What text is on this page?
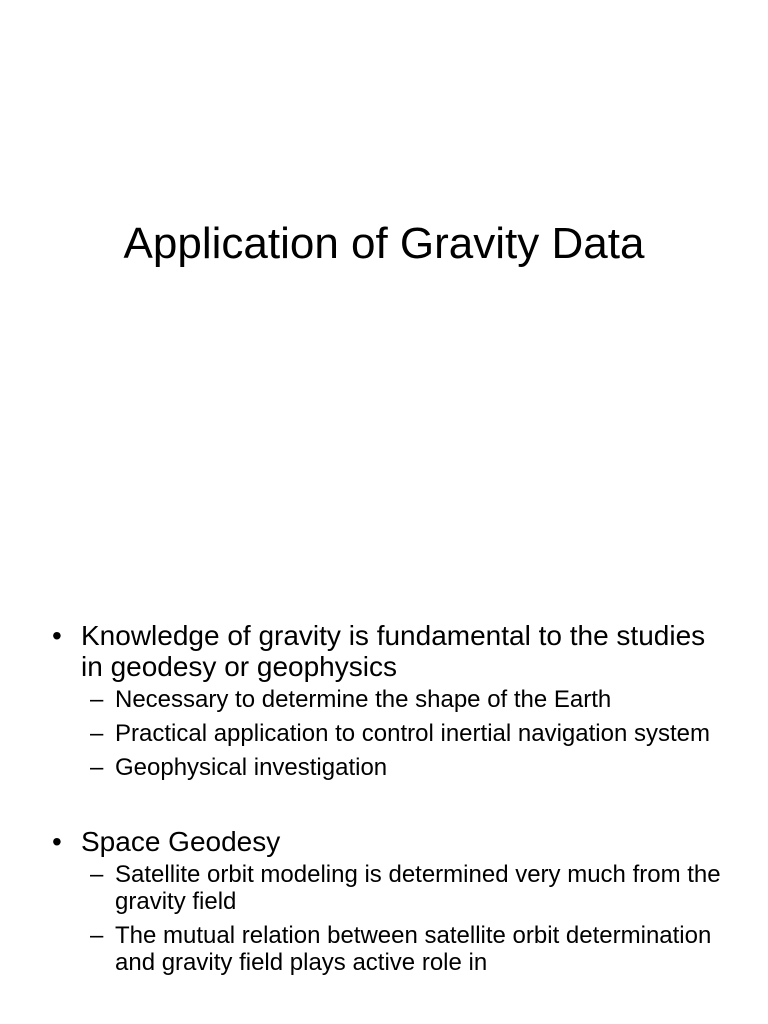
Application of Gravity Data
• Knowledge of gravity is fundamental to the studies in geodesy or geophysics
– Necessary to determine the shape of the Earth
– Practical application to control inertial navigation system
– Geophysical investigation
• Space Geodesy
– Satellite orbit modeling is determined very much from the gravity field
– The mutual relation between satellite orbit determination and gravity field plays active role in
